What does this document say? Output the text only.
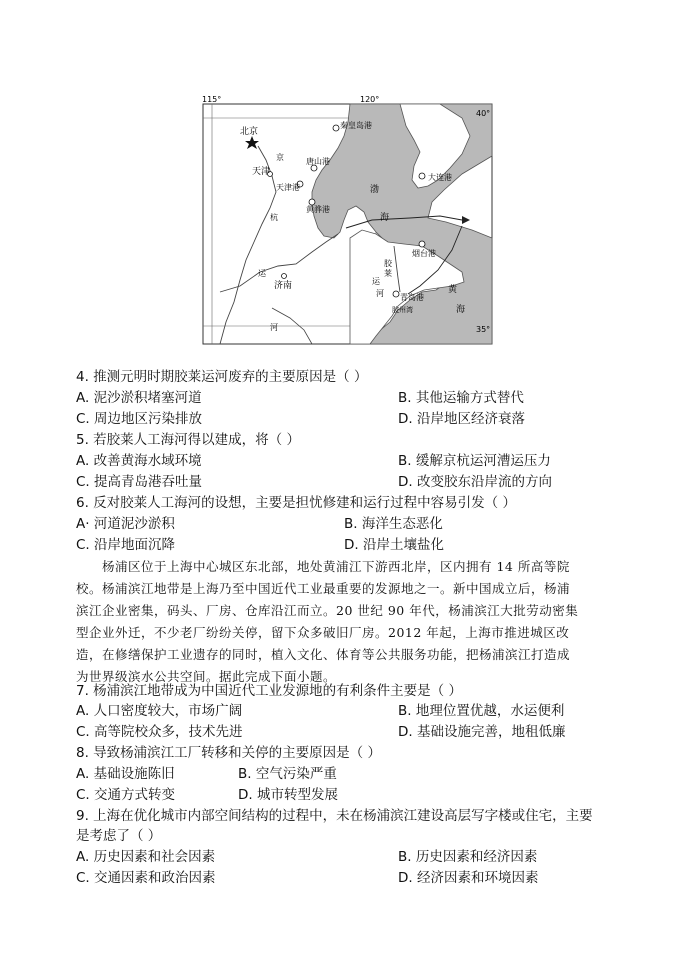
115°	120°
40°
35°
北京
天津
秦皇岛港
唐山港
天津港
黄骅港
大连港
烟台港
青岛港
济南
胶州湾
京
杭
运
河
胶
莱
运
河
渤
海
黄
海
4. 推测元明时期胶莱运河废弃的主要原因是（ ）
A. 泥沙淤积堵塞河道	B. 其他运输方式替代
C. 周边地区污染排放	D. 沿岸地区经济衰落
5. 若胶莱人工海河得以建成，将（ ）
A. 改善黄海水域环境	B. 缓解京杭运河漕运压力
C. 提高青岛港吞吐量	D. 改变胶东沿岸流的方向
6. 反对胶莱人工海河的设想，主要是担忧修建和运行过程中容易引发（ ）
A· 河道泥沙淤积	B. 海洋生态恶化
C. 沿岸地面沉降	D. 沿岸土壤盐化
杨浦区位于上海中心城区东北部，地处黄浦江下游西北岸，区内拥有 14 所高等院
校。杨浦滨江地带是上海乃至中国近代工业最重要的发源地之一。新中国成立后，杨浦
滨江企业密集，码头、厂房、仓库沿江而立。20 世纪 90 年代，杨浦滨江大批劳动密集
型企业外迁，不少老厂纷纷关停，留下众多破旧厂房。2012 年起，上海市推进城区改
造，在修缮保护工业遗存的同时，植入文化、体育等公共服务功能，把杨浦滨江打造成
为世界级滨水公共空间。据此完成下面小题。
7. 杨浦滨江地带成为中国近代工业发源地的有利条件主要是（ ）
A. 人口密度较大，市场广阔	B. 地理位置优越，水运便利
C. 高等院校众多，技术先进	D. 基础设施完善，地租低廉
8. 导致杨浦滨江工厂转移和关停的主要原因是（ ）
A. 基础设施陈旧	B. 空气污染严重
C. 交通方式转变	D. 城市转型发展
9. 上海在优化城市内部空间结构的过程中，未在杨浦滨江建设高层写字楼或住宅，主要
是考虑了（ ）
A. 历史因素和社会因素	B. 历史因素和经济因素
C. 交通因素和政治因素	D. 经济因素和环境因素
